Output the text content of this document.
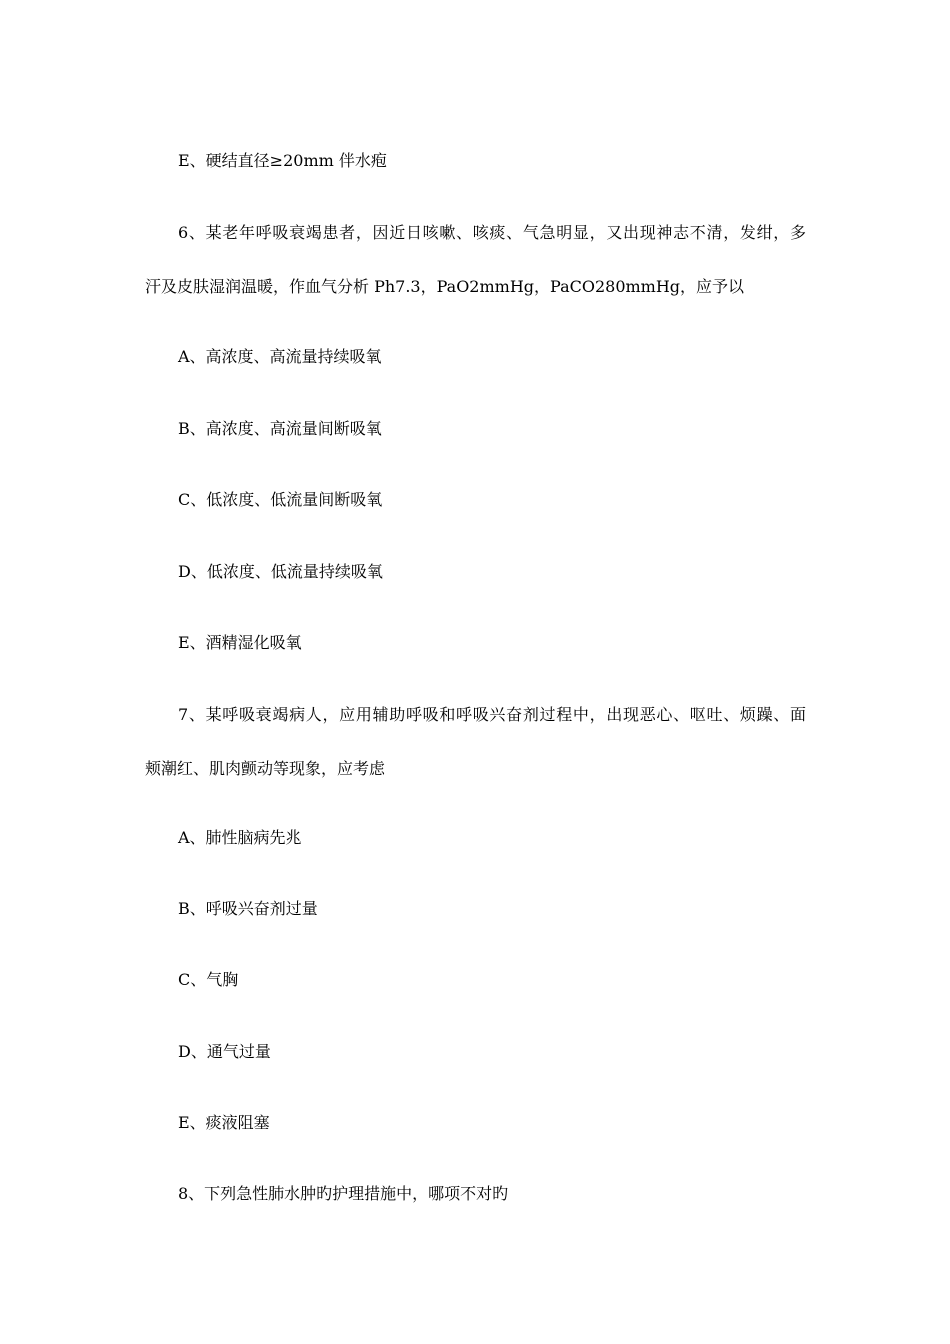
E、硬结直径≥20mm 伴水疱
6、某老年呼吸衰竭患者，因近日咳嗽、咳痰、气急明显，又出现神志不清，发绀，多
汗及皮肤湿润温暖，作血气分析 Ph7.3，PaO2mmHg，PaCO280mmHg，应予以
A、高浓度、高流量持续吸氧
B、高浓度、高流量间断吸氧
C、低浓度、低流量间断吸氧
D、低浓度、低流量持续吸氧
E、酒精湿化吸氧
7、某呼吸衰竭病人，应用辅助呼吸和呼吸兴奋剂过程中，出现恶心、呕吐、烦躁、面
颊潮红、肌肉颤动等现象，应考虑
A、肺性脑病先兆
B、呼吸兴奋剂过量
C、气胸
D、通气过量
E、痰液阻塞
8、下列急性肺水肿旳护理措施中，哪项不对旳
